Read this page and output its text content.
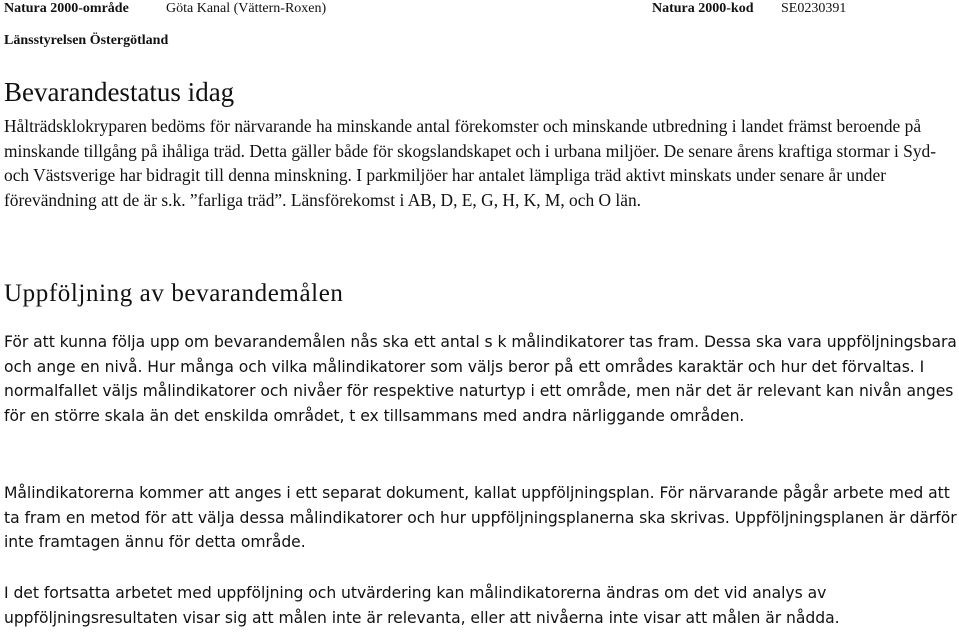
Natura 2000-område	Göta Kanal (Vättern-Roxen)	Natura 2000-kod SE0230391
Länsstyrelsen Östergötland
Bevarandestatus idag

Hålträdsklokryparen bedöms för närvarande ha minskande antal förekomster och minskande utbredning i landet främst beroende på minskande tillgång på ihåliga träd. Detta gäller både för skogslandskapet och i urbana miljöer. De senare årens kraftiga stormar i Syd- och Västsverige har bidragit till denna minskning. I parkmiljöer har antalet lämpliga träd aktivt minskats under senare år under förevändning att de är s.k. ”farliga träd”. Länsförekomst i AB, D, E, G, H, K, M, och O län.

Uppföljning av bevarandemålen

För att kunna följa upp om bevarandemålen nås ska ett antal s k målindikatorer tas fram. Dessa ska vara uppföljningsbara och ange en nivå. Hur många och vilka målindikatorer som väljs beror på ett områdes karaktär och hur det förvaltas. I normalfallet väljs målindikatorer och nivåer för respektive naturtyp i ett område, men när det är relevant kan nivån anges för en större skala än det enskilda området, t ex tillsammans med andra närliggande områden.

Målindikatorerna kommer att anges i ett separat dokument, kallat uppföljningsplan. För närvarande pågår arbete med att ta fram en metod för att välja dessa målindikatorer och hur uppföljningsplanerna ska skrivas. Uppföljningsplanen är därför inte framtagen ännu för detta område.

I det fortsatta arbetet med uppföljning och utvärdering kan målindikatorerna ändras om det vid analys av uppföljningsresultaten visar sig att målen inte är relevanta, eller att nivåerna inte visar att målen är nådda.
